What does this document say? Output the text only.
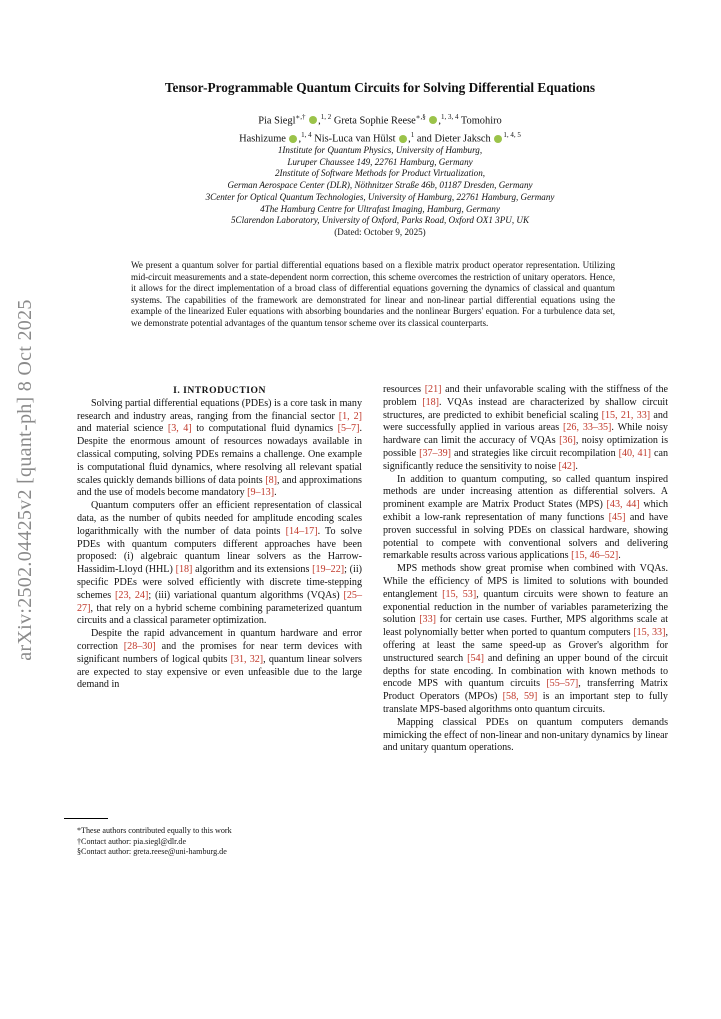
arXiv:2502.04425v2 [quant-ph] 8 Oct 2025
Tensor-Programmable Quantum Circuits for Solving Differential Equations
Pia Siegl∗,† ,$^{1, 2}$ Greta Sophie Reese∗,§ ,$^{1, 3, 4}$ Tomohiro
Hashizume ,$^{1, 4}$ Nis-Luca van Hülst ,$^1$ and Dieter Jaksch $^{1, 4, 5}$
1Institute for Quantum Physics, University of Hamburg,
Luruper Chaussee 149, 22761 Hamburg, Germany
2Institute of Software Methods for Product Virtualization,
German Aerospace Center (DLR), Nöthnitzer Straße 46b, 01187 Dresden, Germany
3Center for Optical Quantum Technologies, University of Hamburg, 22761 Hamburg, Germany
4The Hamburg Centre for Ultrafast Imaging, Hamburg, Germany
5Clarendon Laboratory, University of Oxford, Parks Road, Oxford OX1 3PU, UK
(Dated: October 9, 2025)
We present a quantum solver for partial differential equations based on a flexible matrix product operator representation. Utilizing mid-circuit measurements and a state-dependent norm correction, this scheme overcomes the restriction of unitary operators. Hence, it allows for the direct implementation of a broad class of differential equations governing the dynamics of classical and quantum systems. The capabilities of the framework are demonstrated for linear and non-linear partial differential equations using the example of the linearized Euler equations with absorbing boundaries and the nonlinear Burgers' equation. For a turbulence data set, we demonstrate potential advantages of the quantum tensor scheme over its classical counterparts.

I. INTRODUCTION

Solving partial differential equations (PDEs) is a core task in many research and industry areas, ranging from the financial sector [1, 2] and material science [3, 4] to computational fluid dynamics [5–7]. Despite the enormous amount of resources nowadays available in classical computing, solving PDEs remains a challenge. One example is computational fluid dynamics, where resolving all relevant spatial scales quickly demands billions of data points [8], and approximations and the use of models become mandatory [9–13].

Quantum computers offer an efficient representation of classical data, as the number of qubits needed for amplitude encoding scales logarithmically with the number of data points [14–17]. To solve PDEs with quantum computers different approaches have been proposed: (i) algebraic quantum linear solvers as the Harrow-Hassidim-Lloyd (HHL) [18] algorithm and its extensions [19–22]; (ii) specific PDEs were solved efficiently with discrete time-stepping schemes [23, 24]; (iii) variational quantum algorithms (VQAs) [25–27], that rely on a hybrid scheme combining parameterized quantum circuits and a classical parameter optimization.

Despite the rapid advancement in quantum hardware and error correction [28–30] and the promises for near term devices with significant numbers of logical qubits [31, 32], quantum linear solvers are expected to stay expensive or even unfeasible due to the large demand in

*These authors contributed equally to this work
†Contact author: pia.siegl@dlr.de
§Contact author: greta.reese@uni-hamburg.de

resources [21] and their unfavorable scaling with the stiffness of the problem [18]. VQAs instead are characterized by shallow circuit structures, are predicted to exhibit beneficial scaling [15, 21, 33] and were successfully applied in various areas [26, 33–35]. While noisy hardware can limit the accuracy of VQAs [36], noisy optimization is possible [37–39] and strategies like circuit recompilation [40, 41] can significantly reduce the sensitivity to noise [42].

In addition to quantum computing, so called quantum inspired methods are under increasing attention as differential solvers. A prominent example are Matrix Product States (MPS) [43, 44] which exhibit a low-rank representation of many functions [45] and have proven successful in solving PDEs on classical hardware, showing potential to compete with conventional solvers and delivering remarkable results across various applications [15, 46–52].

MPS methods show great promise when combined with VQAs. While the efficiency of MPS is limited to solutions with bounded entanglement [15, 53], quantum circuits were shown to feature an exponential reduction in the number of variables parameterizing the solution [33] for certain use cases. Further, MPS algorithms scale at least polynomially better when ported to quantum computers [15, 33], offering at least the same speed-up as Grover's algorithm for unstructured search [54] and defining an upper bound of the circuit depths for state encoding. In combination with known methods to encode MPS with quantum circuits [55–57], transferring Matrix Product Operators (MPOs) [58, 59] is an important step to fully translate MPS-based algorithms onto quantum circuits.

Mapping classical PDEs on quantum computers demands mimicking the effect of non-linear and non-unitary dynamics by linear and unitary quantum operations.
